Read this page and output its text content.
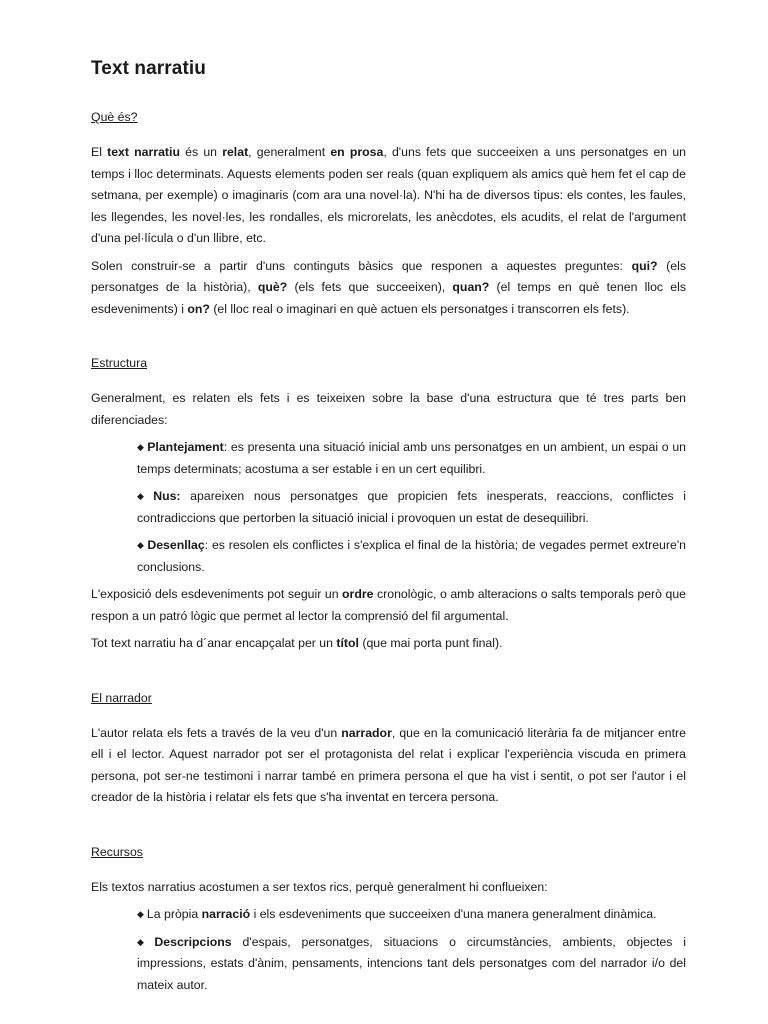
Text narratiu
Què és?

El text narratiu és un relat, generalment en prosa, d'uns fets que succeeixen a uns personatges en un temps i lloc determinats. Aquests elements poden ser reals (quan expliquem als amics què hem fet el cap de setmana, per exemple) o imaginaris (com ara una novel·la). N'hi ha de diversos tipus: els contes, les faules, les llegendes, les novel·les, les rondalles, els microrelats, les anècdotes, els acudits, el relat de l'argument d'una pel·lícula o d'un llibre, etc.

Solen construir-se a partir d'uns continguts bàsics que responen a aquestes preguntes: qui? (els personatges de la història), què? (els fets que succeeixen), quan? (el temps en què tenen lloc els esdeveniments) i on? (el lloc real o imaginari en què actuen els personatges i transcorren els fets).

Estructura

Generalment, es relaten els fets i es teixeixen sobre la base d'una estructura que té tres parts ben diferenciades:

◆ Plantejament: es presenta una situació inicial amb uns personatges en un ambient, un espai o un temps determinats; acostuma a ser estable i en un cert equilibri.

◆ Nus: apareixen nous personatges que propicien fets inesperats, reaccions, conflictes i contradiccions que pertorben la situació inicial i provoquen un estat de desequilibri.

◆ Desenllaç: es resolen els conflictes i s'explica el final de la història; de vegades permet extreure'n conclusions.

L'exposició dels esdeveniments pot seguir un ordre cronològic, o amb alteracions o salts temporals però que respon a un patró lògic que permet al lector la comprensió del fil argumental.

Tot text narratiu ha d´anar encapçalat per un títol (que mai porta punt final).

El narrador

L'autor relata els fets a través de la veu d'un narrador, que en la comunicació literària fa de mitjancer entre ell i el lector. Aquest narrador pot ser el protagonista del relat i explicar l'experiència viscuda en primera persona, pot ser-ne testimoni i narrar també en primera persona el que ha vist i sentit, o pot ser l'autor i el creador de la història i relatar els fets que s'ha inventat en tercera persona.

Recursos

Els textos narratius acostumen a ser textos rics, perquè generalment hi conflueixen:

◆ La pròpia narració i els esdeveniments que succeeixen d'una manera generalment dinàmica.

◆ Descripcions d'espais, personatges, situacions o circumstàncies, ambients, objectes i impressions, estats d'ànim, pensaments, intencions tant dels personatges com del narrador i/o del mateix autor.
